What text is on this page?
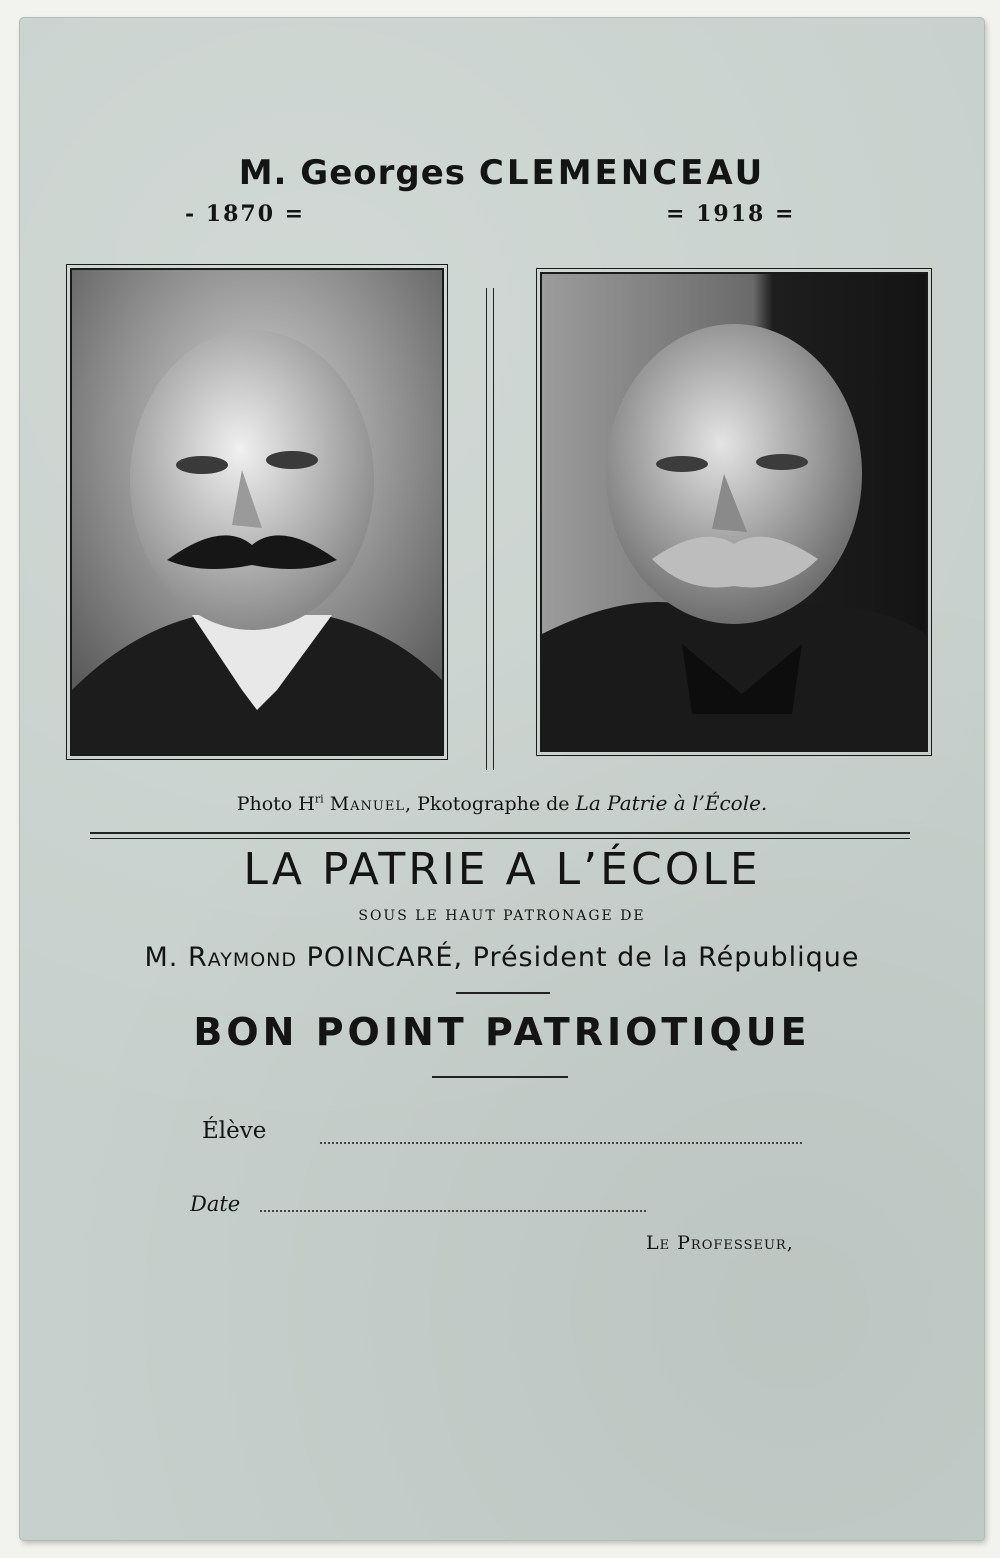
M. Georges CLEMENCEAU
- 1870 =	= 1918 =
Photo $H^{ri}$ Manuel, Pkotographe de La Patrie à l’École.
LA PATRIE A L’ÉCOLE
SOUS LE HAUT PATRONAGE DE
M. Raymond POINCARÉ, Président de la République
BON POINT PATRIOTIQUE
Élève
Date
Le Professeur,
